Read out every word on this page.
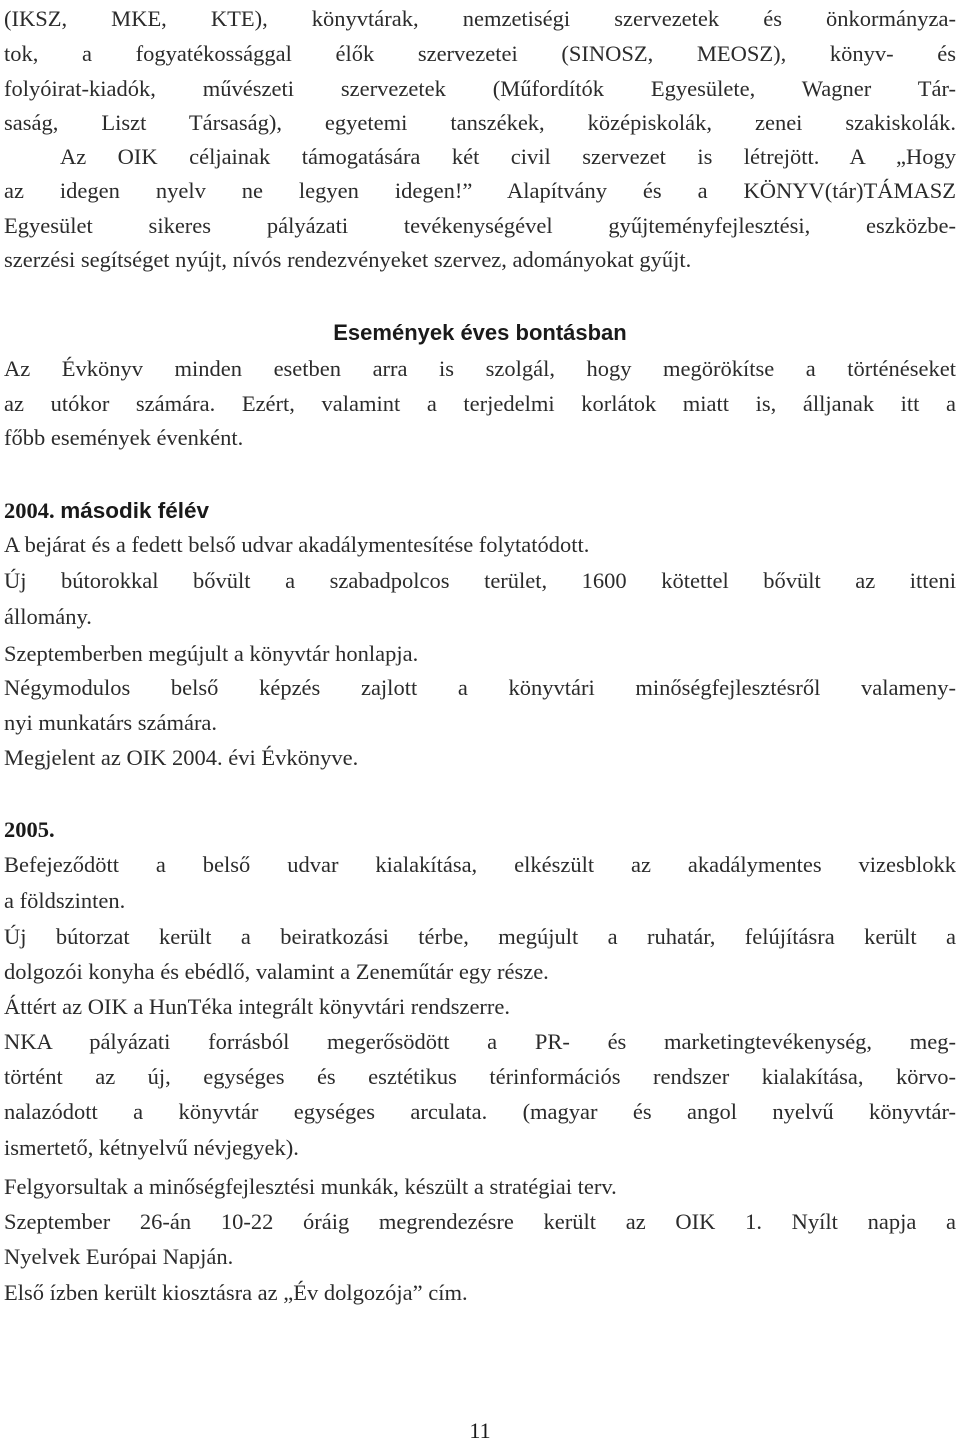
(IKSZ, MKE, KTE), könyvtárak, nemzetiségi szervezetek és önkormányza-
tok, a fogyatékossággal élők szervezetei (SINOSZ, MEOSZ), könyv- és
folyóirat-kiadók, művészeti szervezetek (Műfordítók Egyesülete, Wagner Tár-
saság, Liszt Társaság), egyetemi tanszékek, középiskolák, zenei szakiskolák.
Az OIK céljainak támogatására két civil szervezet is létrejött. A „Hogy
az idegen nyelv ne legyen idegen!” Alapítvány és a KÖNYV(tár)TÁMASZ
Egyesület sikeres pályázati tevékenységével gyűjteményfejlesztési, eszközbe-
szerzési segítséget nyújt, nívós rendezvényeket szervez, adományokat gyűjt.
Események éves bontásban
Az Évkönyv minden esetben arra is szolgál, hogy megörökítse a történéseket
az utókor számára. Ezért, valamint a terjedelmi korlátok miatt is, álljanak itt a
főbb események évenként.
2004. második félév
A bejárat és a fedett belső udvar akadálymentesítése folytatódott.
Új bútorokkal bővült a szabadpolcos terület, 1600 kötettel bővült az itteni
állomány.
Szeptemberben megújult a könyvtár honlapja.
Négymodulos belső képzés zajlott a könyvtári minőségfejlesztésről valameny-
nyi munkatárs számára.
Megjelent az OIK 2004. évi Évkönyve.
2005.
Befejeződött a belső udvar kialakítása, elkészült az akadálymentes vizesblokk
a földszinten.
Új bútorzat került a beiratkozási térbe, megújult a ruhatár, felújításra került a
dolgozói konyha és ebédlő, valamint a Zeneműtár egy része.
Áttért az OIK a HunTéka integrált könyvtári rendszerre.
NKA pályázati forrásból megerősödött a PR- és marketingtevékenység, meg-
történt az új, egységes és esztétikus térinformációs rendszer kialakítása, körvo-
nalazódott a könyvtár egységes arculata. (magyar és angol nyelvű könyvtár-
ismertető, kétnyelvű névjegyek).
Felgyorsultak a minőségfejlesztési munkák, készült a stratégiai terv.
Szeptember 26-án 10-22 óráig megrendezésre került az OIK 1. Nyílt napja a
Nyelvek Európai Napján.
Első ízben került kiosztásra az „Év dolgozója” cím.
11
